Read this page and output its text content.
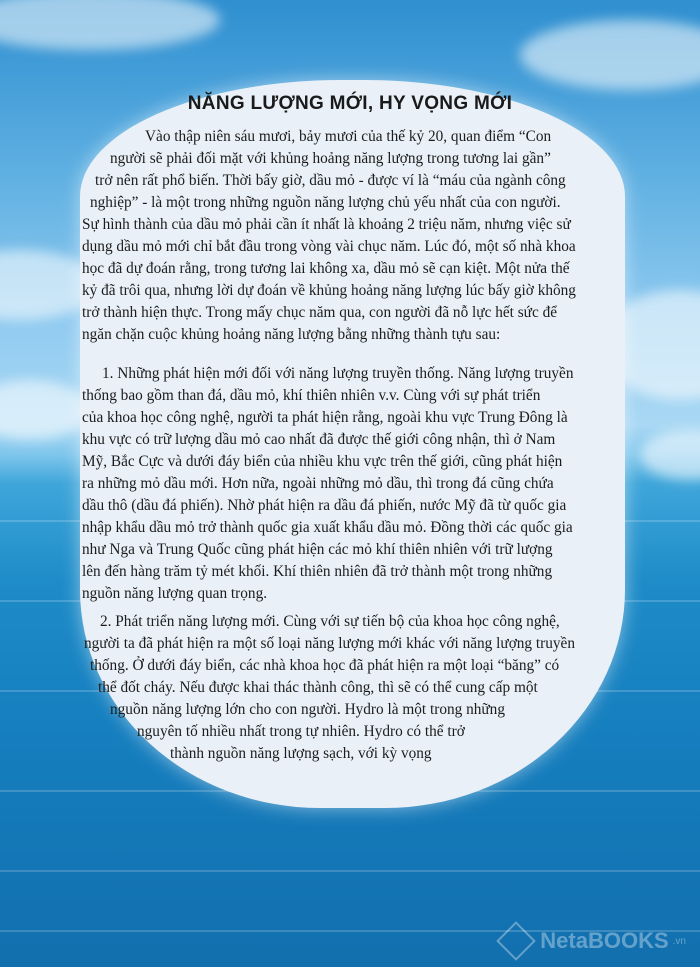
NĂNG LƯỢNG MỚI, HY VỌNG MỚI
Vào thập niên sáu mươi, bảy mươi của thế kỷ 20, quan điểm “Con
người sẽ phải đối mặt với khủng hoảng năng lượng trong tương lai gần”
trở nên rất phổ biến. Thời bấy giờ, dầu mỏ - được ví là “máu của ngành công
nghiệp” - là một trong những nguồn năng lượng chủ yếu nhất của con người.
Sự hình thành của dầu mỏ phải cần ít nhất là khoảng 2 triệu năm, nhưng việc sử
dụng dầu mỏ mới chỉ bắt đầu trong vòng vài chục năm. Lúc đó, một số nhà khoa
học đã dự đoán rằng, trong tương lai không xa, dầu mỏ sẽ cạn kiệt. Một nửa thế
kỷ đã trôi qua, nhưng lời dự đoán về khủng hoảng năng lượng lúc bấy giờ không
trở thành hiện thực. Trong mấy chục năm qua, con người đã nỗ lực hết sức để
ngăn chặn cuộc khủng hoảng năng lượng bằng những thành tựu sau:
1. Những phát hiện mới đối với năng lượng truyền thống. Năng lượng truyền
thống bao gồm than đá, dầu mỏ, khí thiên nhiên v.v. Cùng với sự phát triển
của khoa học công nghệ, người ta phát hiện rằng, ngoài khu vực Trung Đông là
khu vực có trữ lượng dầu mỏ cao nhất đã được thế giới công nhận, thì ở Nam
Mỹ, Bắc Cực và dưới đáy biển của nhiều khu vực trên thế giới, cũng phát hiện
ra những mỏ dầu mới. Hơn nữa, ngoài những mỏ dầu, thì trong đá cũng chứa
dầu thô (dầu đá phiến). Nhờ phát hiện ra dầu đá phiến, nước Mỹ đã từ quốc gia
nhập khẩu dầu mỏ trở thành quốc gia xuất khẩu dầu mỏ. Đồng thời các quốc gia
như Nga và Trung Quốc cũng phát hiện các mỏ khí thiên nhiên với trữ lượng
lên đến hàng trăm tỷ mét khối. Khí thiên nhiên đã trở thành một trong những
nguồn năng lượng quan trọng.
2. Phát triển năng lượng mới. Cùng với sự tiến bộ của khoa học công nghệ,
người ta đã phát hiện ra một số loại năng lượng mới khác với năng lượng truyền
thống. Ở dưới đáy biển, các nhà khoa học đã phát hiện ra một loại “băng” có
thể đốt cháy. Nếu được khai thác thành công, thì sẽ có thể cung cấp một
nguồn năng lượng lớn cho con người. Hydro là một trong những
nguyên tố nhiều nhất trong tự nhiên. Hydro có thể trở
thành nguồn năng lượng sạch, với kỳ vọng
NetaBOOKS .vn
